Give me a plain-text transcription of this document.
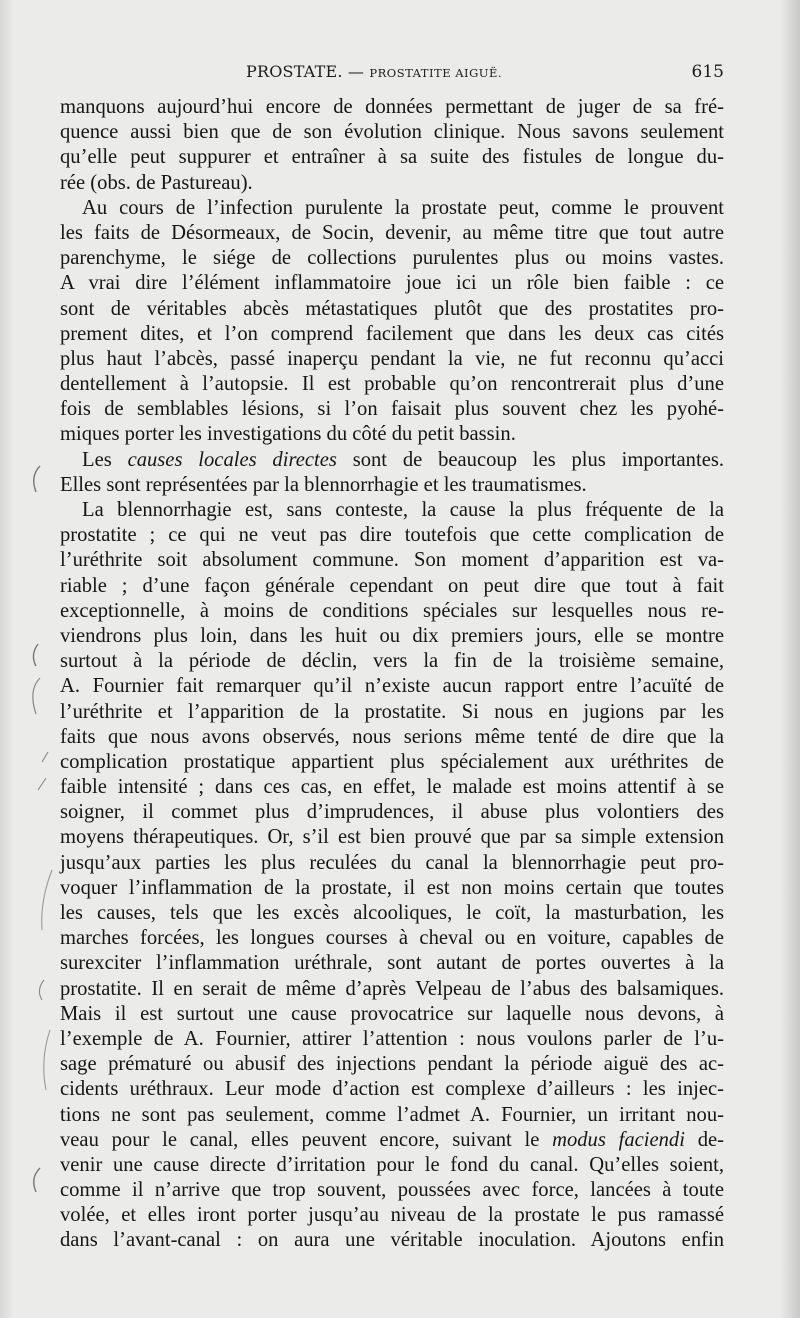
PROSTATE. — PROSTATITE AIGUË.	615
manquons aujourd’hui encore de données permettant de juger de sa fré-
quence aussi bien que de son évolution clinique. Nous savons seulement
qu’elle peut suppurer et entraîner à sa suite des fistules de longue du-
rée (obs. de Pastureau).
Au cours de l’infection purulente la prostate peut, comme le prouvent
les faits de Désormeaux, de Socin, devenir, au même titre que tout autre
parenchyme, le siége de collections purulentes plus ou moins vastes.
A vrai dire l’élément inflammatoire joue ici un rôle bien faible : ce
sont de véritables abcès métastatiques plutôt que des prostatites pro-
prement dites, et l’on comprend facilement que dans les deux cas cités
plus haut l’abcès, passé inaperçu pendant la vie, ne fut reconnu qu’acci
dentellement à l’autopsie. Il est probable qu’on rencontrerait plus d’une
fois de semblables lésions, si l’on faisait plus souvent chez les pyohé-
miques porter les investigations du côté du petit bassin.
Les causes locales directes sont de beaucoup les plus importantes.
Elles sont représentées par la blennorrhagie et les traumatismes.
La blennorrhagie est, sans conteste, la cause la plus fréquente de la
prostatite ; ce qui ne veut pas dire toutefois que cette complication de
l’uréthrite soit absolument commune. Son moment d’apparition est va-
riable ; d’une façon générale cependant on peut dire que tout à fait
exceptionnelle, à moins de conditions spéciales sur lesquelles nous re-
viendrons plus loin, dans les huit ou dix premiers jours, elle se montre
surtout à la période de déclin, vers la fin de la troisième semaine,
A. Fournier fait remarquer qu’il n’existe aucun rapport entre l’acuïté de
l’uréthrite et l’apparition de la prostatite. Si nous en jugions par les
faits que nous avons observés, nous serions même tenté de dire que la
complication prostatique appartient plus spécialement aux uréthrites de
faible intensité ; dans ces cas, en effet, le malade est moins attentif à se
soigner, il commet plus d’imprudences, il abuse plus volontiers des
moyens thérapeutiques. Or, s’il est bien prouvé que par sa simple extension
jusqu’aux parties les plus reculées du canal la blennorrhagie peut pro-
voquer l’inflammation de la prostate, il est non moins certain que toutes
les causes, tels que les excès alcooliques, le coït, la masturbation, les
marches forcées, les longues courses à cheval ou en voiture, capables de
surexciter l’inflammation uréthrale, sont autant de portes ouvertes à la
prostatite. Il en serait de même d’après Velpeau de l’abus des balsamiques.
Mais il est surtout une cause provocatrice sur laquelle nous devons, à
l’exemple de A. Fournier, attirer l’attention : nous voulons parler de l’u-
sage prématuré ou abusif des injections pendant la période aiguë des ac-
cidents uréthraux. Leur mode d’action est complexe d’ailleurs : les injec-
tions ne sont pas seulement, comme l’admet A. Fournier, un irritant nou-
veau pour le canal, elles peuvent encore, suivant le modus faciendi de-
venir une cause directe d’irritation pour le fond du canal. Qu’elles soient,
comme il n’arrive que trop souvent, poussées avec force, lancées à toute
volée, et elles iront porter jusqu’au niveau de la prostate le pus ramassé
dans l’avant-canal : on aura une véritable inoculation. Ajoutons enfin
